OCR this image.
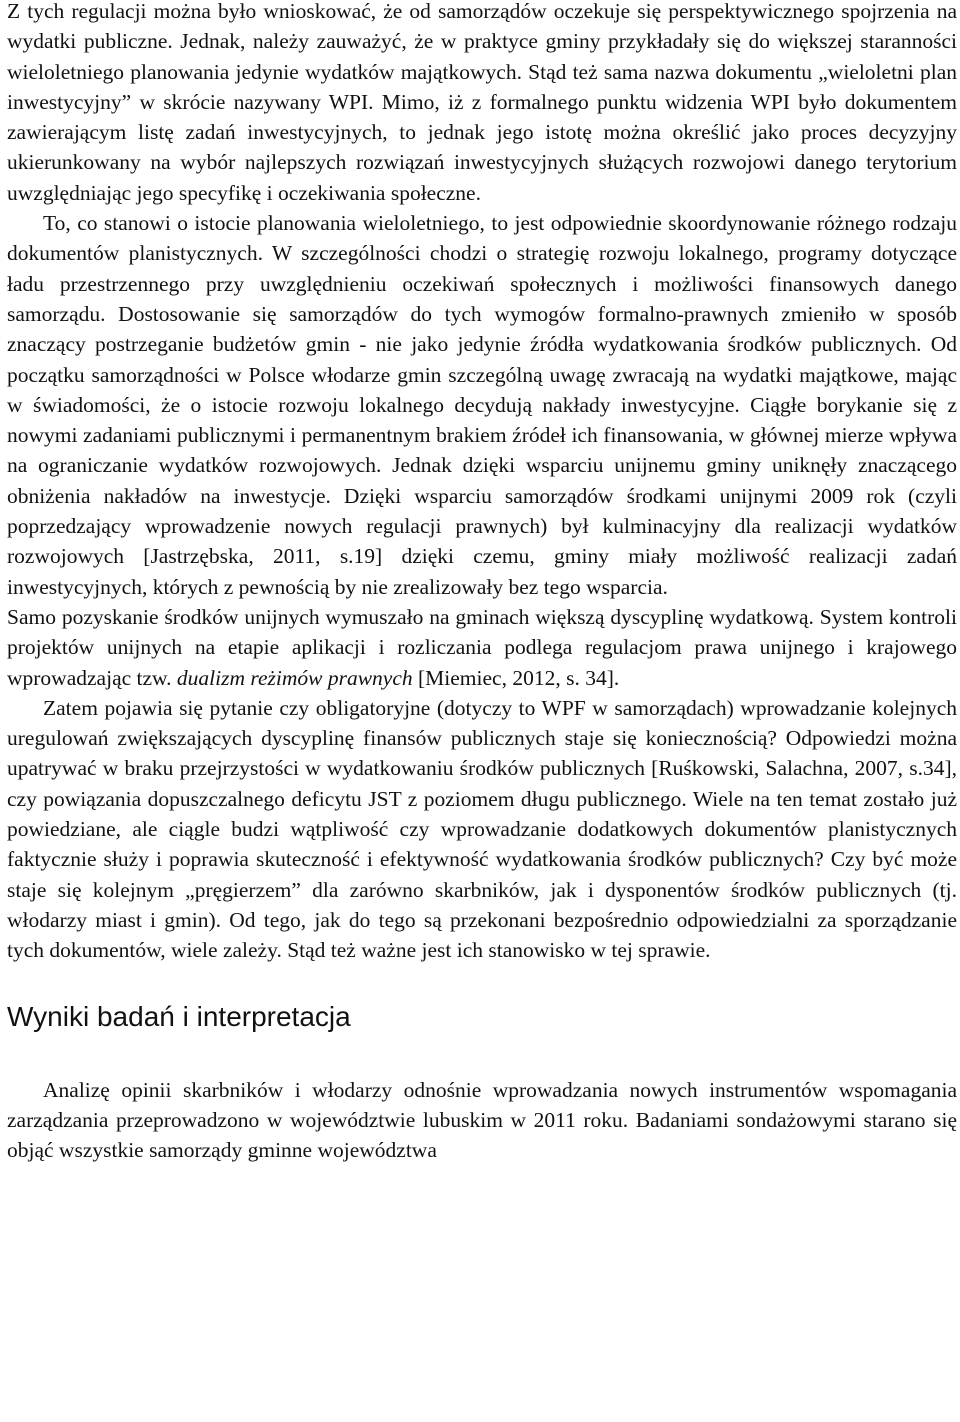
Z tych regulacji można było wnioskować, że od samorządów oczekuje się perspektywicznego spojrzenia na wydatki publiczne. Jednak, należy zauważyć, że w praktyce gminy przykładały się do większej staranności wieloletniego planowania jedynie wydatków majątkowych. Stąd też sama nazwa dokumentu „wieloletni plan inwestycyjny” w skrócie nazywany WPI. Mimo, iż z formalnego punktu widzenia WPI było dokumentem zawierającym listę zadań inwestycyjnych, to jednak jego istotę można określić jako proces decyzyjny ukierunkowany na wybór najlepszych rozwiązań inwestycyjnych służących rozwojowi danego terytorium uwzględniając jego specyfikę i oczekiwania społeczne.

To, co stanowi o istocie planowania wieloletniego, to jest odpowiednie skoordynowanie różnego rodzaju dokumentów planistycznych. W szczególności chodzi o strategię rozwoju lokalnego, programy dotyczące ładu przestrzennego przy uwzględnieniu oczekiwań społecznych i możliwości finansowych danego samorządu. Dostosowanie się samorządów do tych wymogów formalno-prawnych zmieniło w sposób znaczący postrzeganie budżetów gmin - nie jako jedynie źródła wydatkowania środków publicznych. Od początku samorządności w Polsce włodarze gmin szczególną uwagę zwracają na wydatki majątkowe, mając w świadomości, że o istocie rozwoju lokalnego decydują nakłady inwestycyjne. Ciągłe borykanie się z nowymi zadaniami publicznymi i permanentnym brakiem źródeł ich finansowania, w głównej mierze wpływa na ograniczanie wydatków rozwojowych. Jednak dzięki wsparciu unijnemu gminy uniknęły znaczącego obniżenia nakładów na inwestycje. Dzięki wsparciu samorządów środkami unijnymi 2009 rok (czyli poprzedzający wprowadzenie nowych regulacji prawnych) był kulminacyjny dla realizacji wydatków rozwojowych [Jastrzębska, 2011, s.19] dzięki czemu, gminy miały możliwość realizacji zadań inwestycyjnych, których z pewnością by nie zrealizowały bez tego wsparcia.

Samo pozyskanie środków unijnych wymuszało na gminach większą dyscyplinę wydatkową. System kontroli projektów unijnych na etapie aplikacji i rozliczania podlega regulacjom prawa unijnego i krajowego wprowadzając tzw. dualizm reżimów prawnych [Miemiec, 2012, s. 34].

Zatem pojawia się pytanie czy obligatoryjne (dotyczy to WPF w samorządach) wprowadzanie kolejnych uregulowań zwiększających dyscyplinę finansów publicznych staje się koniecznością? Odpowiedzi można upatrywać w braku przejrzystości w wydatkowaniu środków publicznych [Ruśkowski, Salachna, 2007, s.34], czy powiązania dopuszczalnego deficytu JST z poziomem długu publicznego. Wiele na ten temat zostało już powiedziane, ale ciągle budzi wątpliwość czy wprowadzanie dodatkowych dokumentów planistycznych faktycznie służy i poprawia skuteczność i efektywność wydatkowania środków publicznych? Czy być może staje się kolejnym „pręgierzem” dla zarówno skarbników, jak i dysponentów środków publicznych (tj. włodarzy miast i gmin). Od tego, jak do tego są przekonani bezpośrednio odpowiedzialni za sporządzanie tych dokumentów, wiele zależy. Stąd też ważne jest ich stanowisko w tej sprawie.

Wyniki badań i interpretacja

Analizę opinii skarbników i włodarzy odnośnie wprowadzania nowych instrumentów wspomagania zarządzania przeprowadzono w województwie lubuskim w 2011 roku. Badaniami sondażowymi starano się objąć wszystkie samorządy gminne województwa
